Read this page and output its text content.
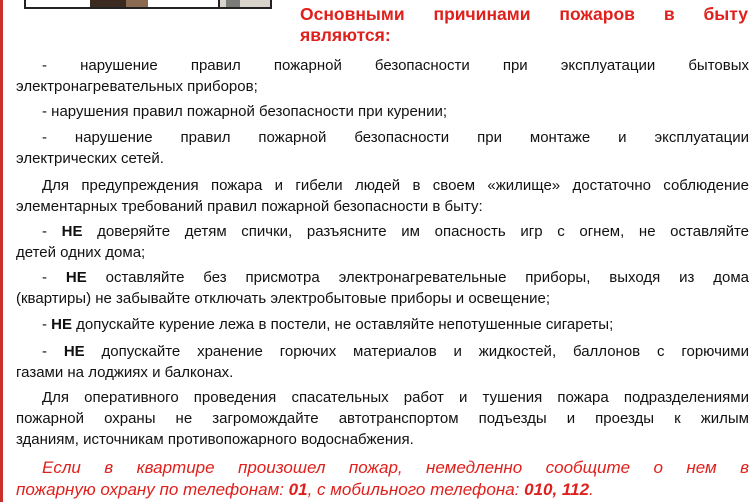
Основными причинами пожаров в быту
являются:
- нарушение правил пожарной безопасности при эксплуатации бытовых
электронагревательных приборов;
- нарушения правил пожарной безопасности при курении;
- нарушение правил пожарной безопасности при монтаже и эксплуатации
электрических сетей.
Для предупреждения пожара и гибели людей в своем «жилище» достаточно соблюдение
элементарных требований правил пожарной безопасности в быту:
- НЕ доверяйте детям спички, разъясните им опасность игр с огнем, не оставляйте
детей одних дома;
- НЕ оставляйте без присмотра электронагревательные приборы, выходя из дома
(квартиры) не забывайте отключать электробытовые приборы и освещение;
- НЕ допускайте курение лежа в постели, не оставляйте непотушенные сигареты;
- НЕ допускайте хранение горючих материалов и жидкостей, баллонов с горючими
газами на лоджиях и балконах.
Для оперативного проведения спасательных работ и тушения пожара подразделениями
пожарной охраны не загромождайте автотранспортом подъезды и проезды к жилым
зданиям, источникам противопожарного водоснабжения.
Если в квартире произошел пожар, немедленно сообщите о нем в
пожарную охрану по телефонам: 01, с мобильного телефона: 010, 112.
